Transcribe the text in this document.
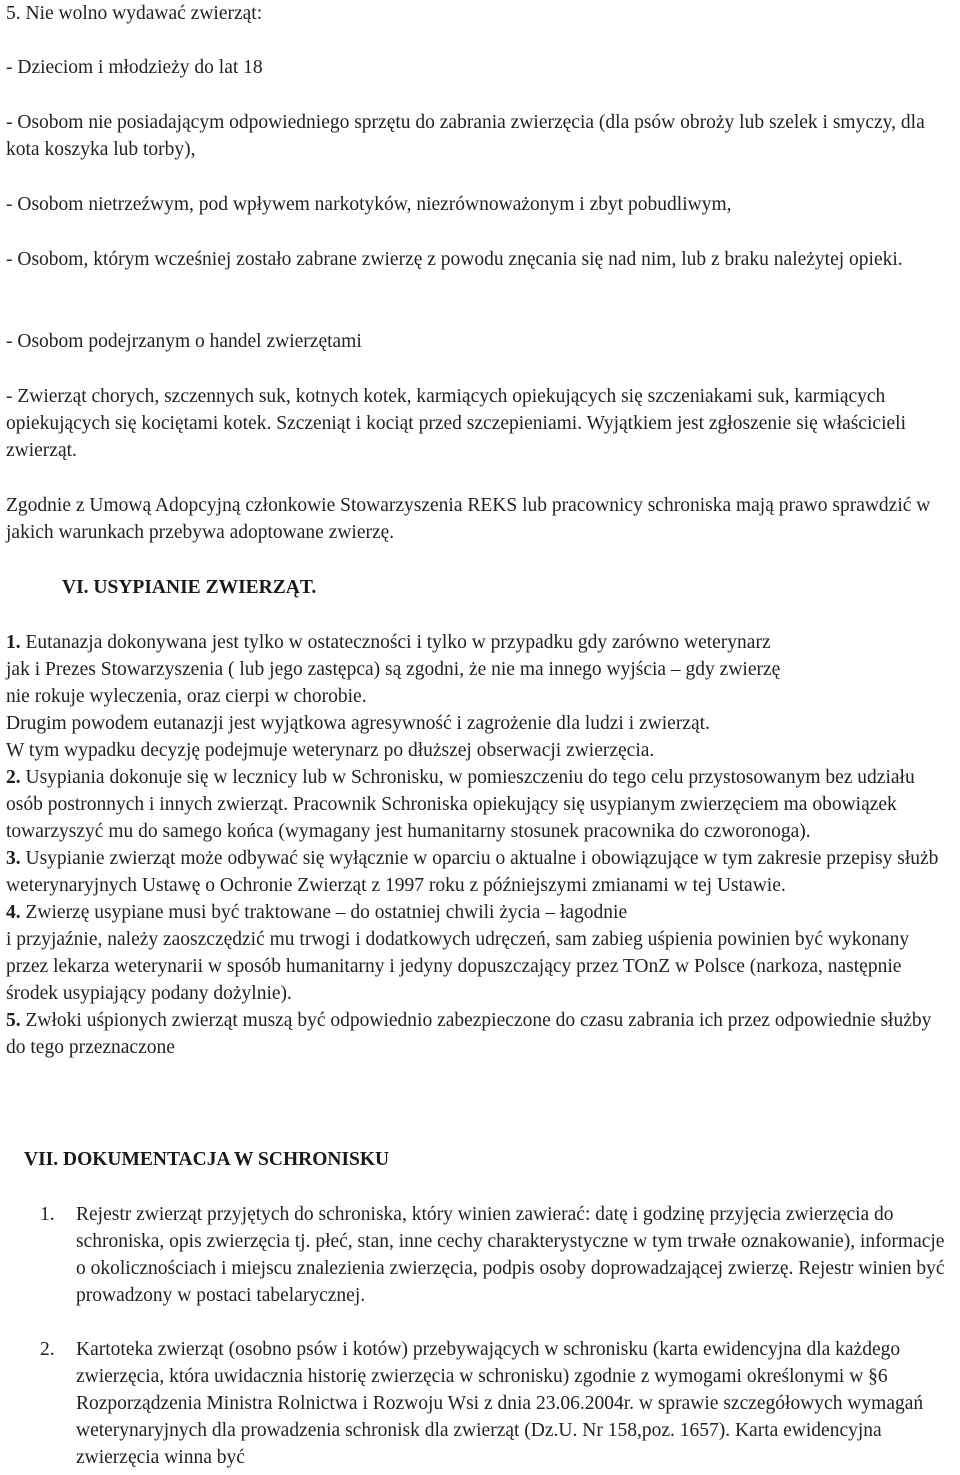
5. Nie wolno wydawać zwierząt:

- Dzieciom i młodzieży do lat 18

- Osobom nie posiadającym odpowiedniego sprzętu do zabrania zwierzęcia (dla psów obroży lub szelek i smyczy, dla kota koszyka lub torby),

- Osobom nietrzeźwym, pod wpływem narkotyków, niezrównoważonym i zbyt pobudliwym,

- Osobom, którym wcześniej zostało zabrane zwierzę z powodu znęcania się nad nim, lub z braku należytej opieki.

- Osobom podejrzanym o handel zwierzętami

- Zwierząt chorych, szczennych suk, kotnych kotek, karmiących opiekujących się szczeniakami suk, karmiących opiekujących się kociętami kotek. Szczeniąt i kociąt przed szczepieniami. Wyjątkiem jest zgłoszenie się właścicieli zwierząt.

Zgodnie z Umową Adopcyjną członkowie Stowarzyszenia REKS lub pracownicy schroniska mają prawo sprawdzić w jakich warunkach przebywa adoptowane zwierzę.

VI. USYPIANIE ZWIERZĄT.

1. Eutanazja dokonywana jest tylko w ostateczności i tylko w przypadku gdy zarówno weterynarz
jak i Prezes Stowarzyszenia ( lub jego zastępca) są zgodni, że nie ma innego wyjścia – gdy zwierzę
nie rokuje wyleczenia, oraz cierpi w chorobie.
Drugim powodem eutanazji jest wyjątkowa agresywność i zagrożenie dla ludzi i zwierząt.
W tym wypadku decyzję podejmuje weterynarz po dłuższej obserwacji zwierzęcia.
2. Usypiania dokonuje się w lecznicy lub w Schronisku, w pomieszczeniu do tego celu przystosowanym bez udziału osób postronnych i innych zwierząt. Pracownik Schroniska opiekujący się usypianym zwierzęciem ma obowiązek towarzyszyć mu do samego końca (wymagany jest humanitarny stosunek pracownika do czworonoga).
3. Usypianie zwierząt może odbywać się wyłącznie w oparciu o aktualne i obowiązujące w tym zakresie przepisy służb weterynaryjnych Ustawę o Ochronie Zwierząt z 1997 roku z późniejszymi zmianami w tej Ustawie.
4. Zwierzę usypiane musi być traktowane – do ostatniej chwili życia – łagodnie
i przyjaźnie, należy zaoszczędzić mu trwogi i dodatkowych udręczeń, sam zabieg uśpienia powinien być wykonany przez lekarza weterynarii w sposób humanitarny i jedyny dopuszczający przez TOnZ w Polsce (narkoza, następnie środek usypiający podany dożylnie).
5. Zwłoki uśpionych zwierząt muszą być odpowiednio zabezpieczone do czasu zabrania ich przez odpowiednie służby do tego przeznaczone

VII. DOKUMENTACJA W SCHRONISKU

1. Rejestr zwierząt przyjętych do schroniska, który winien zawierać: datę i godzinę przyjęcia zwierzęcia do schroniska, opis zwierzęcia tj. płeć, stan, inne cechy charakterystyczne w tym trwałe oznakowanie), informacje o okolicznościach i miejscu znalezienia zwierzęcia, podpis osoby doprowadzającej zwierzę. Rejestr winien być prowadzony w postaci tabelarycznej.
2. Kartoteka zwierząt (osobno psów i kotów) przebywających w schronisku (karta ewidencyjna dla każdego zwierzęcia, która uwidacznia historię zwierzęcia w schronisku) zgodnie z wymogami określonymi w §6 Rozporządzenia Ministra Rolnictwa i Rozwoju Wsi z dnia 23.06.2004r. w sprawie szczegółowych wymagań weterynaryjnych dla prowadzenia schronisk dla zwierząt (Dz.U. Nr 158,poz. 1657). Karta ewidencyjna zwierzęcia winna być
